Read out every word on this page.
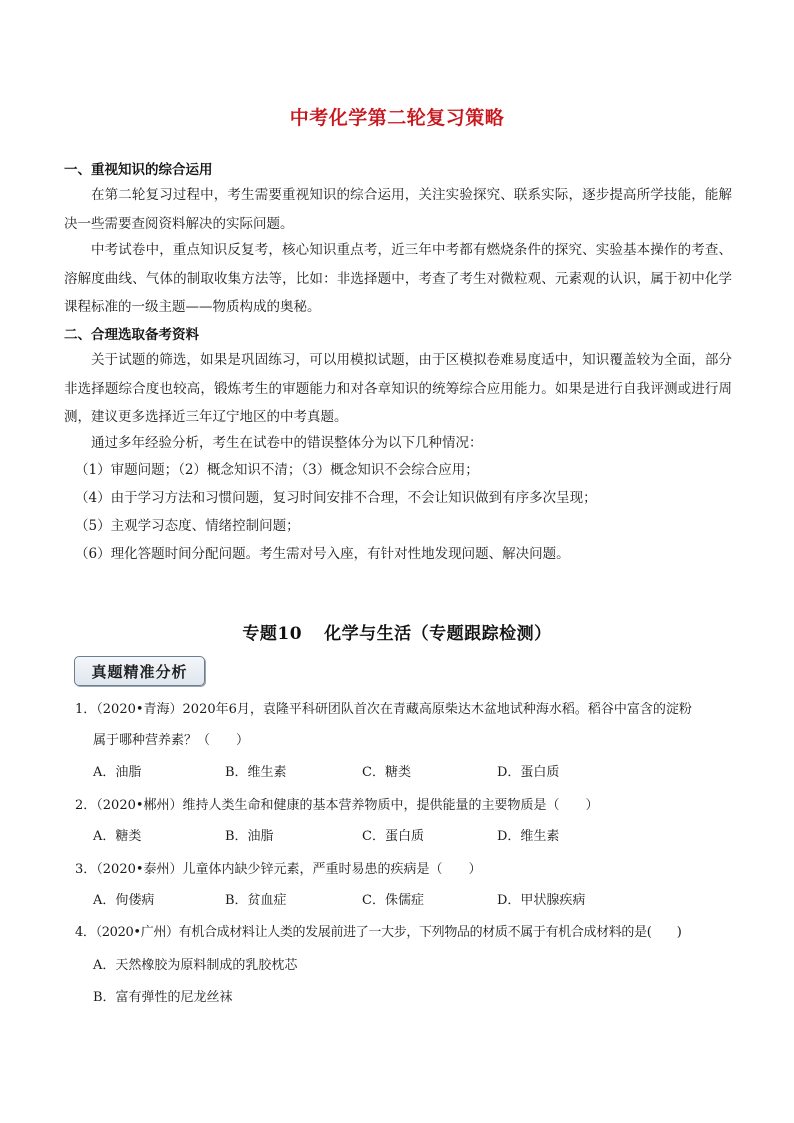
中考化学第二轮复习策略
一、重视知识的综合运用

在第二轮复习过程中，考生需要重视知识的综合运用，关注实验探究、联系实际，逐步提高所学技能，能解决一些需要查阅资料解决的实际问题。

中考试卷中，重点知识反复考，核心知识重点考，近三年中考都有燃烧条件的探究、实验基本操作的考查、溶解度曲线、气体的制取收集方法等，比如：非选择题中，考查了考生对微粒观、元素观的认识，属于初中化学课程标准的一级主题——物质构成的奥秘。

二、合理选取备考资料

关于试题的筛选，如果是巩固练习，可以用模拟试题，由于区模拟卷难易度适中，知识覆盖较为全面，部分非选择题综合度也较高，锻炼考生的审题能力和对各章知识的统筹综合应用能力。如果是进行自我评测或进行周测，建议更多选择近三年辽宁地区的中考真题。

通过多年经验分析，考生在试卷中的错误整体分为以下几种情况：

（1）审题问题；（2）概念知识不清；（3）概念知识不会综合应用；
（4）由于学习方法和习惯问题，复习时间安排不合理，不会让知识做到有序多次呈现；
（5）主观学习态度、情绪控制问题；
（6）理化答题时间分配问题。考生需对号入座，有针对性地发现问题、解决问题。
专题10 化学与生活（专题跟踪检测）
真题精准分析
1．（2020•青海）2020年6月，袁隆平科研团队首次在青藏高原柴达木盆地试种海水稻。稻谷中富含的淀粉
属于哪种营养素？（　　）
A．油脂	B．维生素	C．糖类	D．蛋白质
2．（2020•郴州）维持人类生命和健康的基本营养物质中，提供能量的主要物质是（　　）
A．糖类	B．油脂	C．蛋白质	D．维生素
3．（2020•泰州）儿童体内缺少锌元素，严重时易患的疾病是（　　）
A．佝偻病	B．贫血症	C．侏儒症	D．甲状腺疾病
4．（2020•广州）有机合成材料让人类的发展前进了一大步，下列物品的材质不属于有机合成材料的是(　　)
A．天然橡胶为原料制成的乳胶枕芯
B．富有弹性的尼龙丝袜
